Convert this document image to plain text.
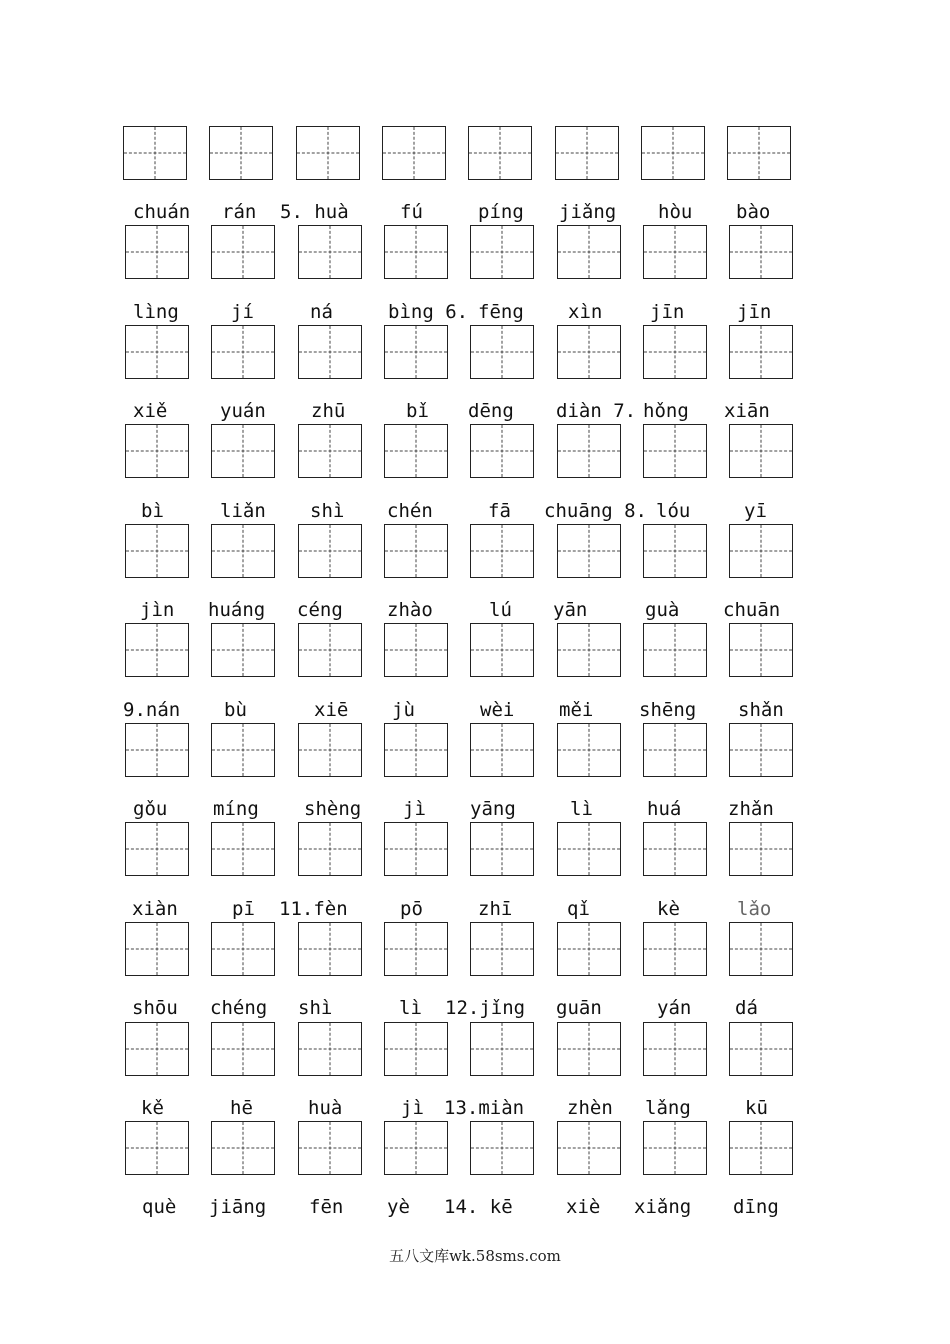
chuán rán 5. huà	fú	píng jiǎng hòu bào
lìng	jí	ná	bìng 6. fēng xìn	jīn	jīn
xiě	yuán zhū	bǐ dēng diàn 7. hǒng xiān
bì	liǎn shì chén	fā chuāng 8. lóu	yī
jìn huáng céng zhào	lú yān	guà chuān
9.nán bù	xiē jù	wèi měi shēng shǎn
gǒu míng shèng jì yāng	lì	huá zhǎn
xiàn	pī 11.fèn	pō	zhī	qǐ	kè	lǎo
shōu chéng shì	lì 12.jǐng guān	yán dá
kě	hē	huà	jì 13.miàn zhèn lǎng	kū
què jiāng fēn yè 14. kē	xiè xiǎng dīng
五八文库wk.58sms.com
